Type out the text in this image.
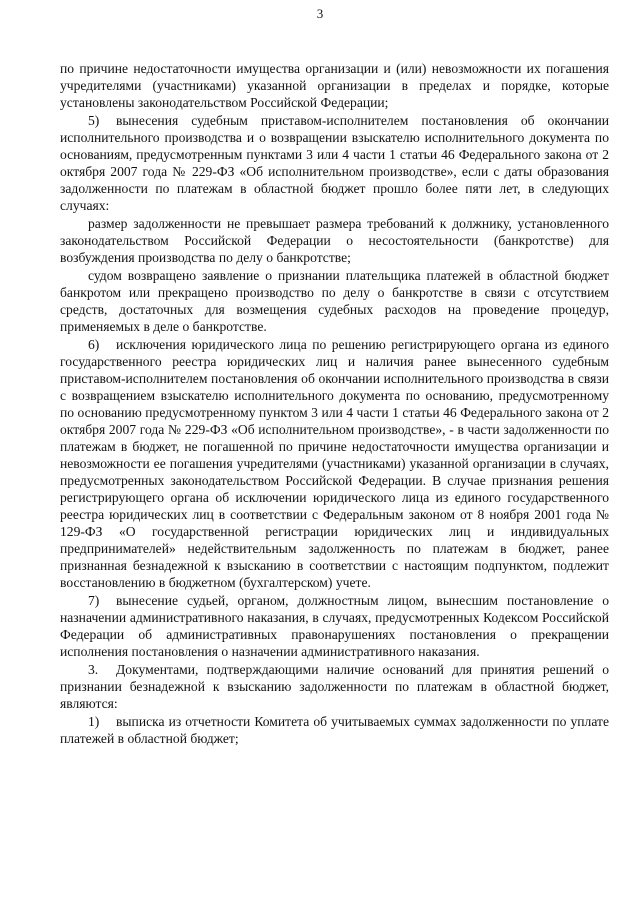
3

по причине недостаточности имущества организации и (или) невозможности их погашения учредителями (участниками) указанной организации в пределах и порядке, которые установлены законодательством Российской Федерации;

5) вынесения судебным приставом-исполнителем постановления об окончании исполнительного производства и о возвращении взыскателю исполнительного документа по основаниям, предусмотренным пунктами 3 или 4 части 1 статьи 46 Федерального закона от 2 октября 2007 года № 229-ФЗ «Об исполнительном производстве», если с даты образования задолженности по платежам в областной бюджет прошло более пяти лет, в следующих случаях:

размер задолженности не превышает размера требований к должнику, установленного законодательством Российской Федерации о несостоятельности (банкротстве) для возбуждения производства по делу о банкротстве;

судом возвращено заявление о признании плательщика платежей в областной бюджет банкротом или прекращено производство по делу о банкротстве в связи с отсутствием средств, достаточных для возмещения судебных расходов на проведение процедур, применяемых в деле о банкротстве.

6) исключения юридического лица по решению регистрирующего органа из единого государственного реестра юридических лиц и наличия ранее вынесенного судебным приставом-исполнителем постановления об окончании исполнительного производства в связи с возвращением взыскателю исполнительного документа по основанию, предусмотренному по основанию предусмотренному пунктом 3 или 4 части 1 статьи 46 Федерального закона от 2 октября 2007 года № 229-ФЗ «Об исполнительном производстве», - в части задолженности по платежам в бюджет, не погашенной по причине недостаточности имущества организации и невозможности ее погашения учредителями (участниками) указанной организации в случаях, предусмотренных законодательством Российской Федерации. В случае признания решения регистрирующего органа об исключении юридического лица из единого государственного реестра юридических лиц в соответствии с Федеральным законом от 8 ноября 2001 года № 129-ФЗ «О государственной регистрации юридических лиц и индивидуальных предпринимателей» недействительным задолженность по платежам в бюджет, ранее признанная безнадежной к взысканию в соответствии с настоящим подпунктом, подлежит восстановлению в бюджетном (бухгалтерском) учете.

7) вынесение судьей, органом, должностным лицом, вынесшим постановление о назначении административного наказания, в случаях, предусмотренных Кодексом Российской Федерации об административных правонарушениях постановления о прекращении исполнения постановления о назначении административного наказания.

3. Документами, подтверждающими наличие оснований для принятия решений о признании безнадежной к взысканию задолженности по платежам в областной бюджет, являются:

1) выписка из отчетности Комитета об учитываемых суммах задолженности по уплате платежей в областной бюджет;
